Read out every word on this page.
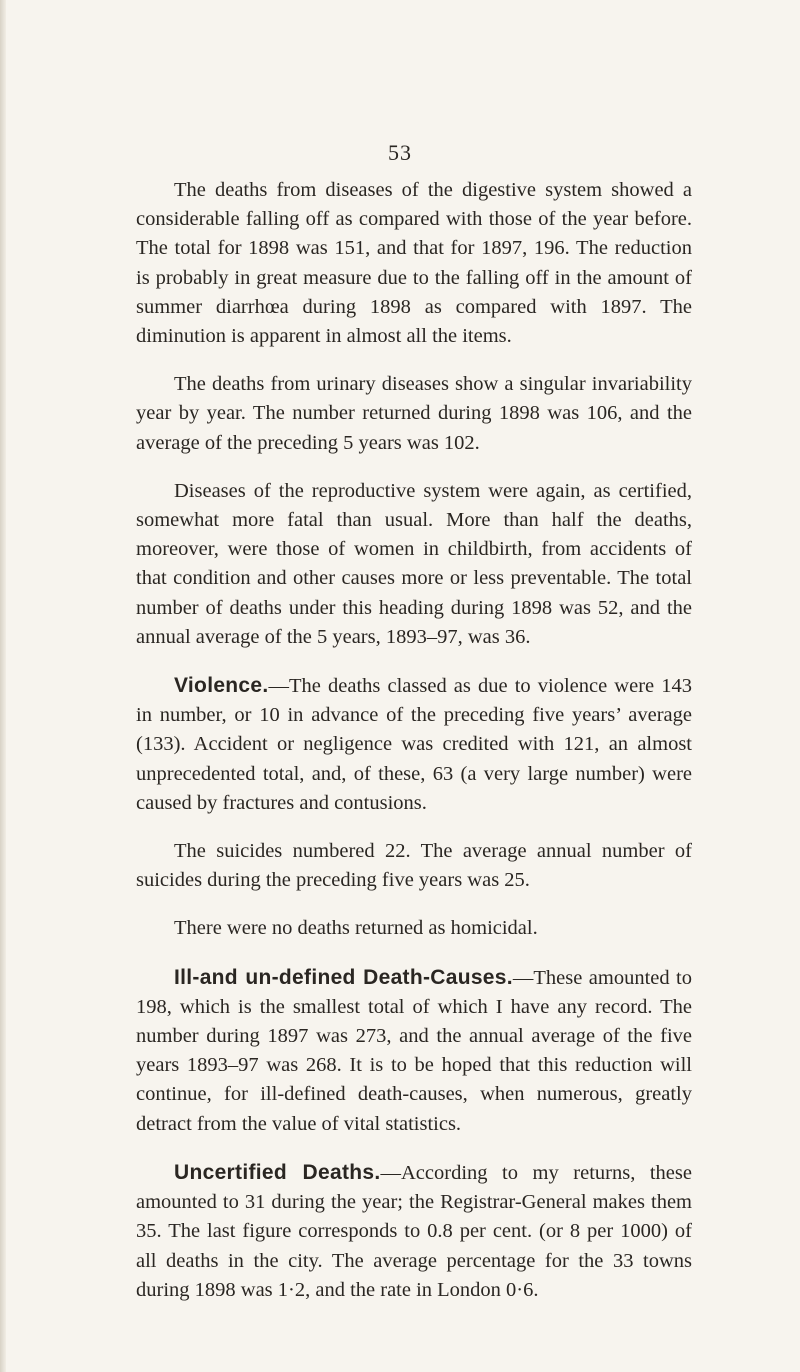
53

The deaths from diseases of the digestive system showed a considerable falling off as compared with those of the year before. The total for 1898 was 151, and that for 1897, 196. The reduction is probably in great measure due to the falling off in the amount of summer diarrhœa during 1898 as compared with 1897. The diminution is apparent in almost all the items.

The deaths from urinary diseases show a singular invariability year by year. The number returned during 1898 was 106, and the average of the preceding 5 years was 102.

Diseases of the reproductive system were again, as certified, somewhat more fatal than usual. More than half the deaths, moreover, were those of women in childbirth, from accidents of that condition and other causes more or less preventable. The total number of deaths under this heading during 1898 was 52, and the annual average of the 5 years, 1893–97, was 36.

Violence.—The deaths classed as due to violence were 143 in number, or 10 in advance of the preceding five years’ average (133). Accident or negligence was credited with 121, an almost unprecedented total, and, of these, 63 (a very large number) were caused by fractures and contusions.

The suicides numbered 22. The average annual number of suicides during the preceding five years was 25.

There were no deaths returned as homicidal.

Ill-and un-defined Death-Causes.—These amounted to 198, which is the smallest total of which I have any record. The number during 1897 was 273, and the annual average of the five years 1893–97 was 268. It is to be hoped that this reduction will continue, for ill-defined death-causes, when numerous, greatly detract from the value of vital statistics.

Uncertified Deaths.—According to my returns, these amounted to 31 during the year; the Registrar-General makes them 35. The last figure corresponds to 0.8 per cent. (or 8 per 1000) of all deaths in the city. The average percentage for the 33 towns during 1898 was 1·2, and the rate in London 0·6.
